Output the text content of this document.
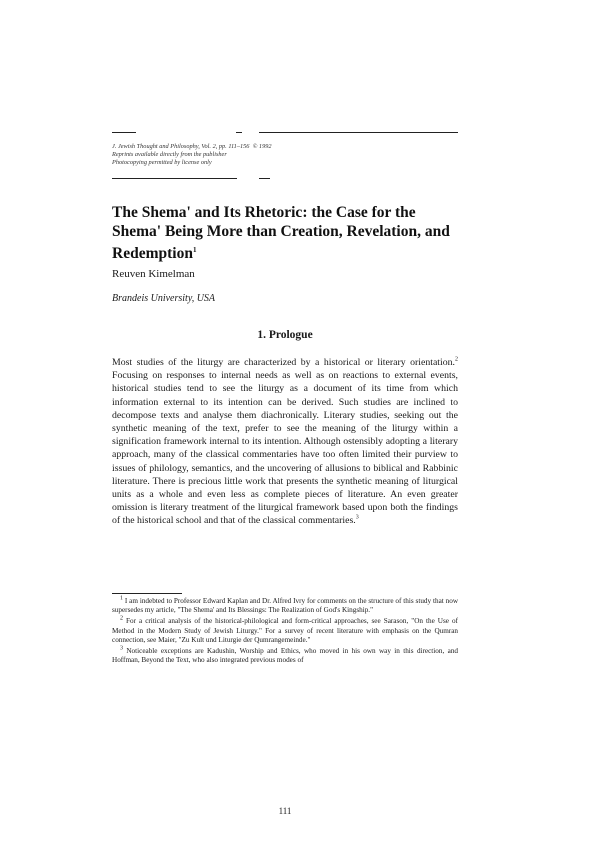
J. Jewish Thought and Philosophy, Vol. 2, pp. 111–156 © 1992
Reprints available directly from the publisher
Photocopying permitted by license only
The Shema' and Its Rhetoric: the Case for the Shema' Being More than Creation, Revelation, and Redemption$^1$

Reuven Kimelman

Brandeis University, USA

1. Prologue

Most studies of the liturgy are characterized by a historical or literary orientation.$^2$ Focusing on responses to internal needs as well as on reactions to external events, historical studies tend to see the liturgy as a document of its time from which information external to its intention can be derived. Such studies are inclined to decompose texts and analyse them diachronically. Literary studies, seeking out the synthetic meaning of the text, prefer to see the meaning of the liturgy within a signification framework internal to its intention. Although ostensibly adopting a literary approach, many of the classical commentaries have too often limited their purview to issues of philology, semantics, and the uncovering of allusions to biblical and Rabbinic literature. There is precious little work that presents the synthetic meaning of liturgical units as a whole and even less as complete pieces of literature. An even greater omission is literary treatment of the liturgical framework based upon both the findings of the historical school and that of the classical commentaries.$^3$

$^1$ I am indebted to Professor Edward Kaplan and Dr. Alfred Ivry for comments on the structure of this study that now supersedes my article, "The Shema' and Its Blessings: The Realization of God's Kingship."

$^2$ For a critical analysis of the historical-philological and form-critical approaches, see Sarason, "On the Use of Method in the Modern Study of Jewish Liturgy." For a survey of recent literature with emphasis on the Qumran connection, see Maier, "Zu Kult und Liturgie der Qumrangemeinde."

$^3$ Noticeable exceptions are Kadushin, Worship and Ethics, who moved in his own way in this direction, and Hoffman, Beyond the Text, who also integrated previous modes of

111
